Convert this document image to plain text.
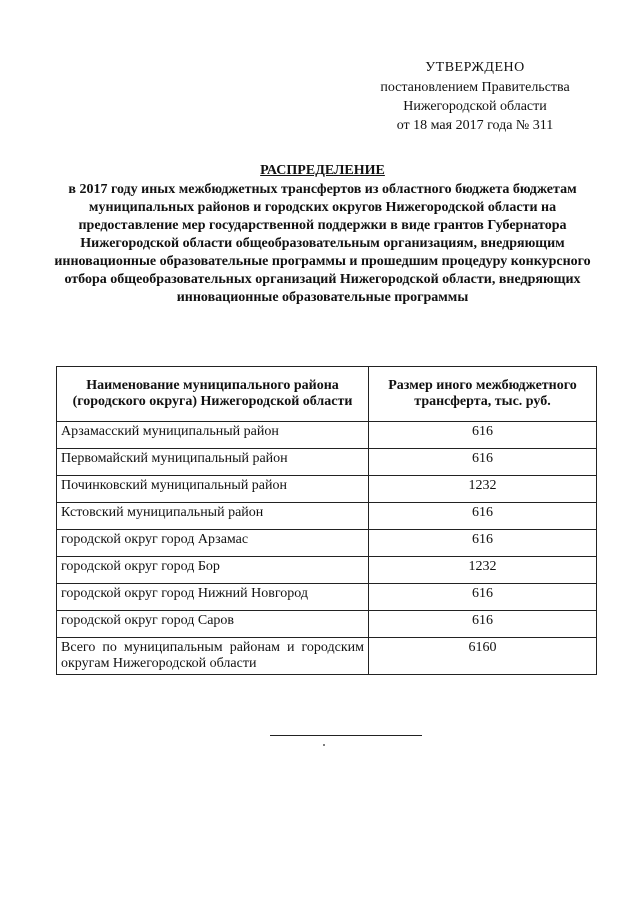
УТВЕРЖДЕНО
постановлением Правительства
Нижегородской области
от 18 мая 2017 года № 311
РАСПРЕДЕЛЕНИЕ
в 2017 году иных межбюджетных трансфертов из областного бюджета бюджетам муниципальных районов и городских округов Нижегородской области на предоставление мер государственной поддержки в виде грантов Губернатора Нижегородской области общеобразовательным организациям, внедряющим инновационные образовательные программы и прошедшим процедуру конкурсного отбора общеобразовательных организаций Нижегородской области, внедряющих инновационные образовательные программы
Наименование муниципального района (городского округа) Нижегородской области	Размер иного межбюджетного трансферта, тыс. руб.
Арзамасский муниципальный район	616
Первомайский муниципальный район	616
Починковский муниципальный район	1232
Кстовский муниципальный район	616
городской округ город Арзамас	616
городской округ город Бор	1232
городской округ город Нижний Новгород	616
городской округ город Саров	616
Всего по муниципальным районам и городским округам Нижегородской области	6160
